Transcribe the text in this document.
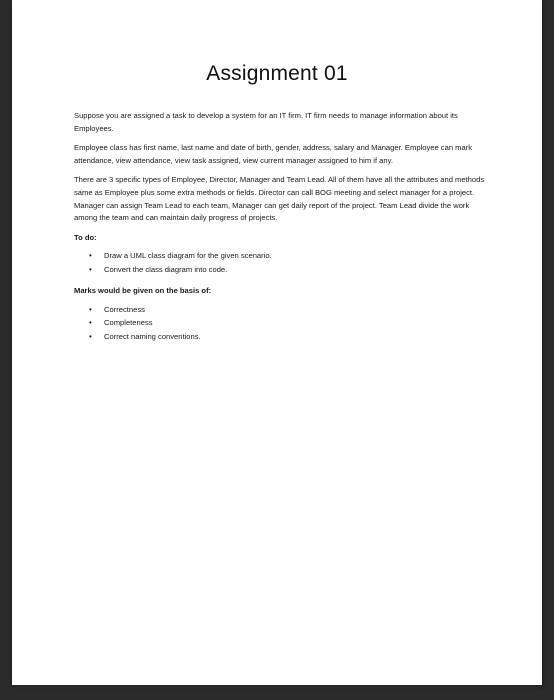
Assignment 01

Suppose you are assigned a task to develop a system for an IT firm. IT firm needs to manage information about its Employees.

Employee class has first name, last name and date of birth, gender, address, salary and Manager. Employee can mark attendance, view attendance, view task assigned, view current manager assigned to him if any.

There are 3 specific types of Employee, Director, Manager and Team Lead. All of them have all the attributes and methods same as Employee plus some extra methods or fields. Director can call BOG meeting and select manager for a project. Manager can assign Team Lead to each team, Manager can get daily report of the project. Team Lead divide the work among the team and can maintain daily progress of projects.

To do:
• Draw a UML class diagram for the given scenario.
• Convert the class diagram into code.
Marks would be given on the basis of:
• Correctness
• Completeness
• Correct naming conventions.
